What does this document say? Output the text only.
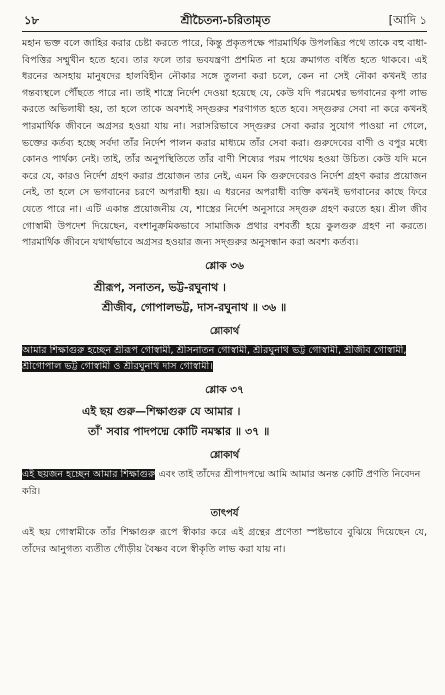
১৮	শ্রীচৈতন্য-চরিতামৃত	[আদি ১

মহান ভক্ত বলে জাহির করার চেষ্টা করতে পারে, কিন্তু প্রকৃতপক্ষে পারমার্থিক উপলব্ধির পথে তাকে বহু বাধা-বিপত্তির সম্মুখীন হতে হবে। তার ফলে তার ভবযন্ত্রণা প্রশমিত না হয়ে ক্রমাগত বর্ধিত হতে থাকবে। এই ধরনের অসহায় মানুষদের হালবিহীন নৌকার সঙ্গে তুলনা করা চলে, কেন না সেই নৌকা কখনই তার গন্তব্যস্থলে পৌঁছতে পারে না। তাই শাস্ত্রে নির্দেশ দেওয়া হয়েছে যে, কেউ যদি পরমেশ্বর ভগবানের কৃপা লাভ করতে অভিলাষী হয়, তা হলে তাকে অবশ্যই সদ্গুরুর শরণাগত হতে হবে। সদ্গুরুর সেবা না করে কখনই পারমার্থিক জীবনে অগ্রসর হওয়া যায় না। সরাসরিভাবে সদ্গুরুর সেবা করার সুযোগ পাওয়া না গেলে, ভক্তের কর্তব্য হচ্ছে সর্বদা তাঁর নির্দেশ পালন করার মাধ্যমে তাঁর সেবা করা। গুরুদেবের বাণী ও বপুর মধ্যে কোনও পার্থক্য নেই। তাই, তাঁর অনুপস্থিতিতে তাঁর বাণী শিষ্যের পরম পাথেয় হওয়া উচিত। কেউ যদি মনে করে যে, কারও নির্দেশ গ্রহণ করার প্রয়োজন তার নেই, এমন কি গুরুদেবেরও নির্দেশ গ্রহণ করার প্রয়োজন নেই, তা হলে সে ভগবানের চরণে অপরাধী হয়। এ ধরনের অপরাধী ব্যক্তি কখনই ভগবানের কাছে ফিরে যেতে পারে না। এটি একান্ত প্রয়োজনীয় যে, শাস্ত্রের নির্দেশ অনুসারে সদ্গুরু গ্রহণ করতে হয়। শ্রীল জীব গোস্বামী উপদেশ দিয়েছেন, বংশানুক্রমিকভাবে সামাজিক প্রথার বশবর্তী হয়ে কুলগুরু গ্রহণ না করতে। পারমার্থিক জীবনে যথার্থভাবে অগ্রসর হওয়ার জন্য সদ্গুরুর অনুসন্ধান করা অবশ্য কর্তব্য।

শ্লোক ৩৬

শ্রীরূপ, সনাতন, ভট্ট-রঘুনাথ ।

শ্রীজীব, গোপালভট্ট, দাস-রঘুনাথ ॥ ৩৬ ॥

শ্লোকার্থ

আমার শিক্ষাগুরু হচ্ছেন শ্রীরূপ গোস্বামী, শ্রীসনাতন গোস্বামী, শ্রীরঘুনাথ ভট্ট গোস্বামী, শ্রীজীব গোস্বামী, শ্রীগোপাল ভট্ট গোস্বামী ও শ্রীরঘুনাথ দাস গোস্বামী।

শ্লোক ৩৭

এই ছয় গুরু—শিক্ষাগুরু যে আমার ।

তাঁ' সবার পাদপদ্মে কোটি নমস্কার ॥ ৩৭ ॥

শ্লোকার্থ

এই ছয়জন হচ্ছেন আমার শিক্ষাগুরু এবং তাই তাঁদের শ্রীপাদপদ্মে আমি আমার অনন্ত কোটি প্রণতি নিবেদন করি।

তাৎপর্য

এই ছয় গোস্বামীকে তাঁর শিক্ষাগুরু রূপে স্বীকার করে এই গ্রন্থের প্রণেতা স্পষ্টভাবে বুঝিয়ে দিয়েছেন যে, তাঁদের আনুগত্য ব্যতীত গৌড়ীয় বৈষ্ণব বলে স্বীকৃতি লাভ করা যায় না।
